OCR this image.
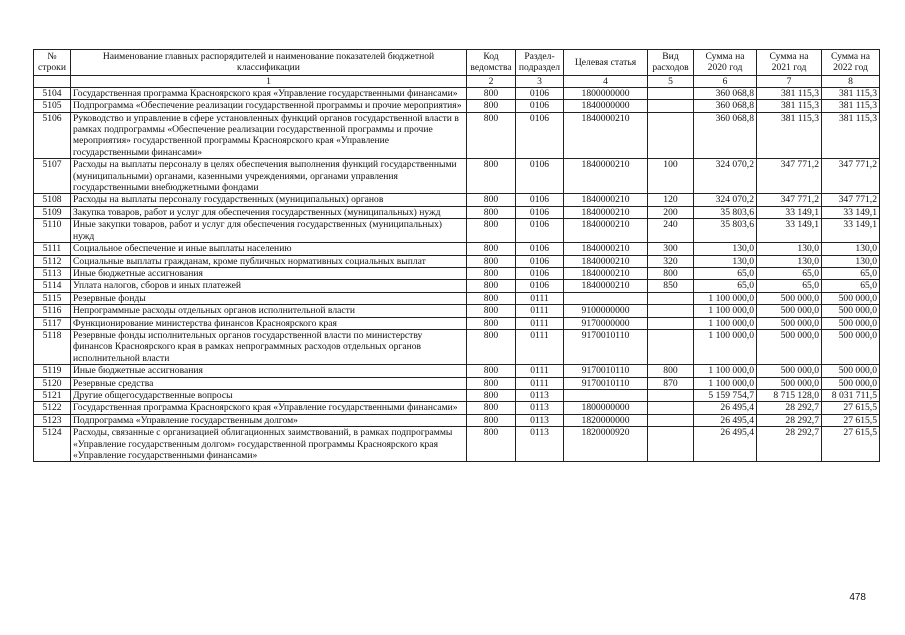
№ строки	Наименование главных распорядителей и наименование показателей бюджетной классификации	Код ведомства	Раздел-подраздел	Целевая статья	Вид расходов	Сумма на 2020 год	Сумма на 2021 год	Сумма на 2022 год
	1	2	3	4	5	6	7	8
5104	Государственная программа Красноярского края «Управление государственными финансами»	800	0106	1800000000		360 068,8	381 115,3	381 115,3
5105	Подпрограмма «Обеспечение реализации государственной программы и прочие мероприятия»	800	0106	1840000000		360 068,8	381 115,3	381 115,3
5106	Руководство и управление в сфере установленных функций органов государственной власти в рамках подпрограммы «Обеспечение реализации государственной программы и прочие мероприятия» государственной программы Красноярского края «Управление государственными финансами»	800	0106	1840000210		360 068,8	381 115,3	381 115,3
5107	Расходы на выплаты персоналу в целях обеспечения выполнения функций государственными (муниципальными) органами, казенными учреждениями, органами управления государственными внебюджетными фондами	800	0106	1840000210	100	324 070,2	347 771,2	347 771,2
5108	Расходы на выплаты персоналу государственных (муниципальных) органов	800	0106	1840000210	120	324 070,2	347 771,2	347 771,2
5109	Закупка товаров, работ и услуг для обеспечения государственных (муниципальных) нужд	800	0106	1840000210	200	35 803,6	33 149,1	33 149,1
5110	Иные закупки товаров, работ и услуг для обеспечения государственных (муниципальных) нужд	800	0106	1840000210	240	35 803,6	33 149,1	33 149,1
5111	Социальное обеспечение и иные выплаты населению	800	0106	1840000210	300	130,0	130,0	130,0
5112	Социальные выплаты гражданам, кроме публичных нормативных социальных выплат	800	0106	1840000210	320	130,0	130,0	130,0
5113	Иные бюджетные ассигнования	800	0106	1840000210	800	65,0	65,0	65,0
5114	Уплата налогов, сборов и иных платежей	800	0106	1840000210	850	65,0	65,0	65,0
5115	Резервные фонды	800	0111			1 100 000,0	500 000,0	500 000,0
5116	Непрограммные расходы отдельных органов исполнительной власти	800	0111	9100000000		1 100 000,0	500 000,0	500 000,0
5117	Функционирование министерства финансов Красноярского края	800	0111	9170000000		1 100 000,0	500 000,0	500 000,0
5118	Резервные фонды исполнительных органов государственной власти по министерству финансов Красноярского края в рамках непрограммных расходов отдельных органов исполнительной власти	800	0111	9170010110		1 100 000,0	500 000,0	500 000,0
5119	Иные бюджетные ассигнования	800	0111	9170010110	800	1 100 000,0	500 000,0	500 000,0
5120	Резервные средства	800	0111	9170010110	870	1 100 000,0	500 000,0	500 000,0
5121	Другие общегосударственные вопросы	800	0113			5 159 754,7	8 715 128,0	8 031 711,5
5122	Государственная программа Красноярского края «Управление государственными финансами»	800	0113	1800000000		26 495,4	28 292,7	27 615,5
5123	Подпрограмма «Управление государственным долгом»	800	0113	1820000000		26 495,4	28 292,7	27 615,5
5124	Расходы, связанные с организацией облигационных заимствований, в рамках подпрограммы «Управление государственным долгом» государственной программы Красноярского края «Управление государственными финансами»	800	0113	1820000920		26 495,4	28 292,7	27 615,5
478
